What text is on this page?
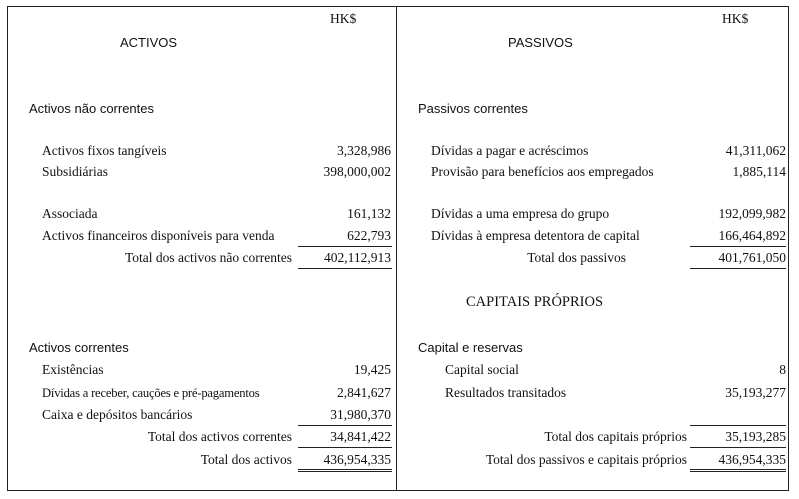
HK$
ACTIVOS
Activos não correntes
Activos fixos tangíveis	3,328,986
Subsidiárias	398,000,002
Associada	161,132
Activos financeiros disponíveis para venda	622,793
Total dos activos não correntes 402,112,913
Activos correntes
Existências	19,425
Dívidas a receber, cauções e pré-pagamentos	2,841,627
Caixa e depósitos bancários	31,980,370
Total dos activos correntes	34,841,422
Total dos activos 436,954,335
HK$
PASSIVOS
Passivos correntes
Dívidas a pagar e acréscimos	41,311,062
Provisão para benefícios aos empregados	1,885,114
Dívidas a uma empresa do grupo	192,099,982
Dívidas à empresa detentora de capital	166,464,892
Total dos passivos	401,761,050
CAPITAIS PRÓPRIOS
Capital e reservas
Capital social	8
Resultados transitados	35,193,277
Total dos capitais próprios	35,193,285
Total dos passivos e capitais próprios 436,954,335
